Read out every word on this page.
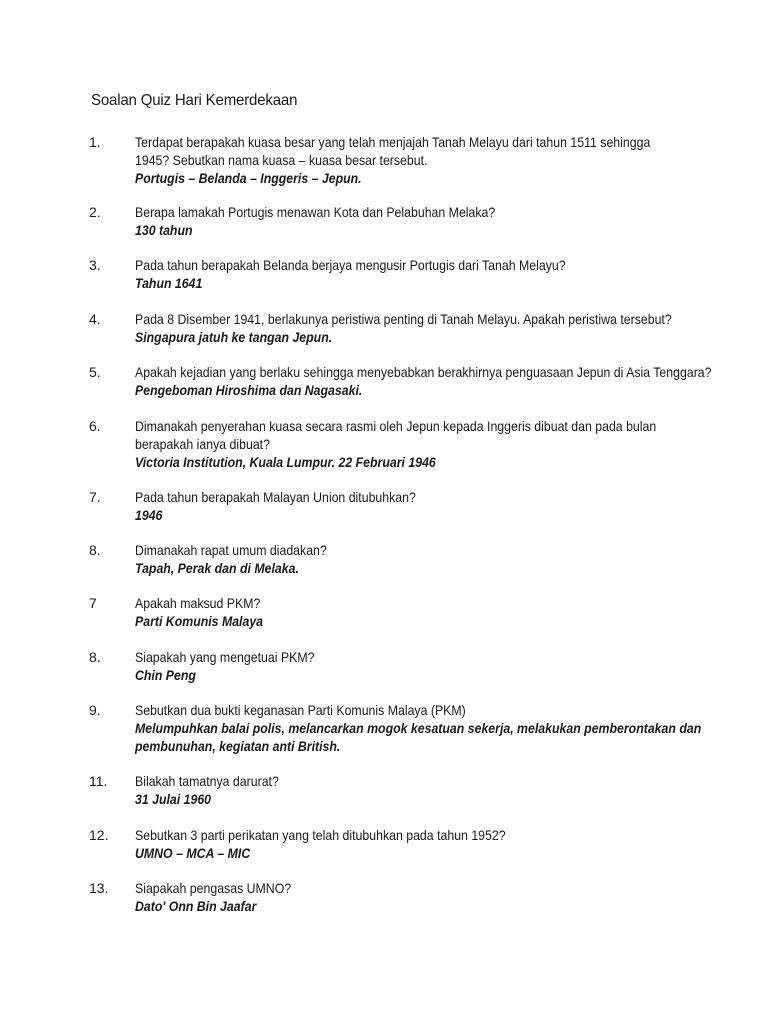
Soalan Quiz Hari Kemerdekaan
1. Terdapat berapakah kuasa besar yang telah menjajah Tanah Melayu dari tahun 1511 sehingga
1945? Sebutkan nama kuasa – kuasa besar tersebut.
Portugis – Belanda – Inggeris – Jepun.
2. Berapa lamakah Portugis menawan Kota dan Pelabuhan Melaka?
130 tahun
3. Pada tahun berapakah Belanda berjaya mengusir Portugis dari Tanah Melayu?
Tahun 1641
4. Pada 8 Disember 1941, berlakunya peristiwa penting di Tanah Melayu. Apakah peristiwa tersebut?
Singapura jatuh ke tangan Jepun.
5. Apakah kejadian yang berlaku sehingga menyebabkan berakhirnya penguasaan Jepun di Asia Tenggara?
Pengeboman Hiroshima dan Nagasaki.
6. Dimanakah penyerahan kuasa secara rasmi oleh Jepun kepada Inggeris dibuat dan pada bulan
berapakah ianya dibuat?
Victoria Institution, Kuala Lumpur. 22 Februari 1946
7. Pada tahun berapakah Malayan Union ditubuhkan?
1946
8. Dimanakah rapat umum diadakan?
Tapah, Perak dan di Melaka.
7	Apakah maksud PKM?
Parti Komunis Malaya
8. Siapakah yang mengetuai PKM?
Chin Peng
9. Sebutkan dua bukti keganasan Parti Komunis Malaya (PKM)
Melumpuhkan balai polis, melancarkan mogok kesatuan sekerja, melakukan pemberontakan dan
pembunuhan, kegiatan anti British.
11. Bilakah tamatnya darurat?
31 Julai 1960
12. Sebutkan 3 parti perikatan yang telah ditubuhkan pada tahun 1952?
UMNO – MCA – MIC
13. Siapakah pengasas UMNO?
Dato' Onn Bin Jaafar
